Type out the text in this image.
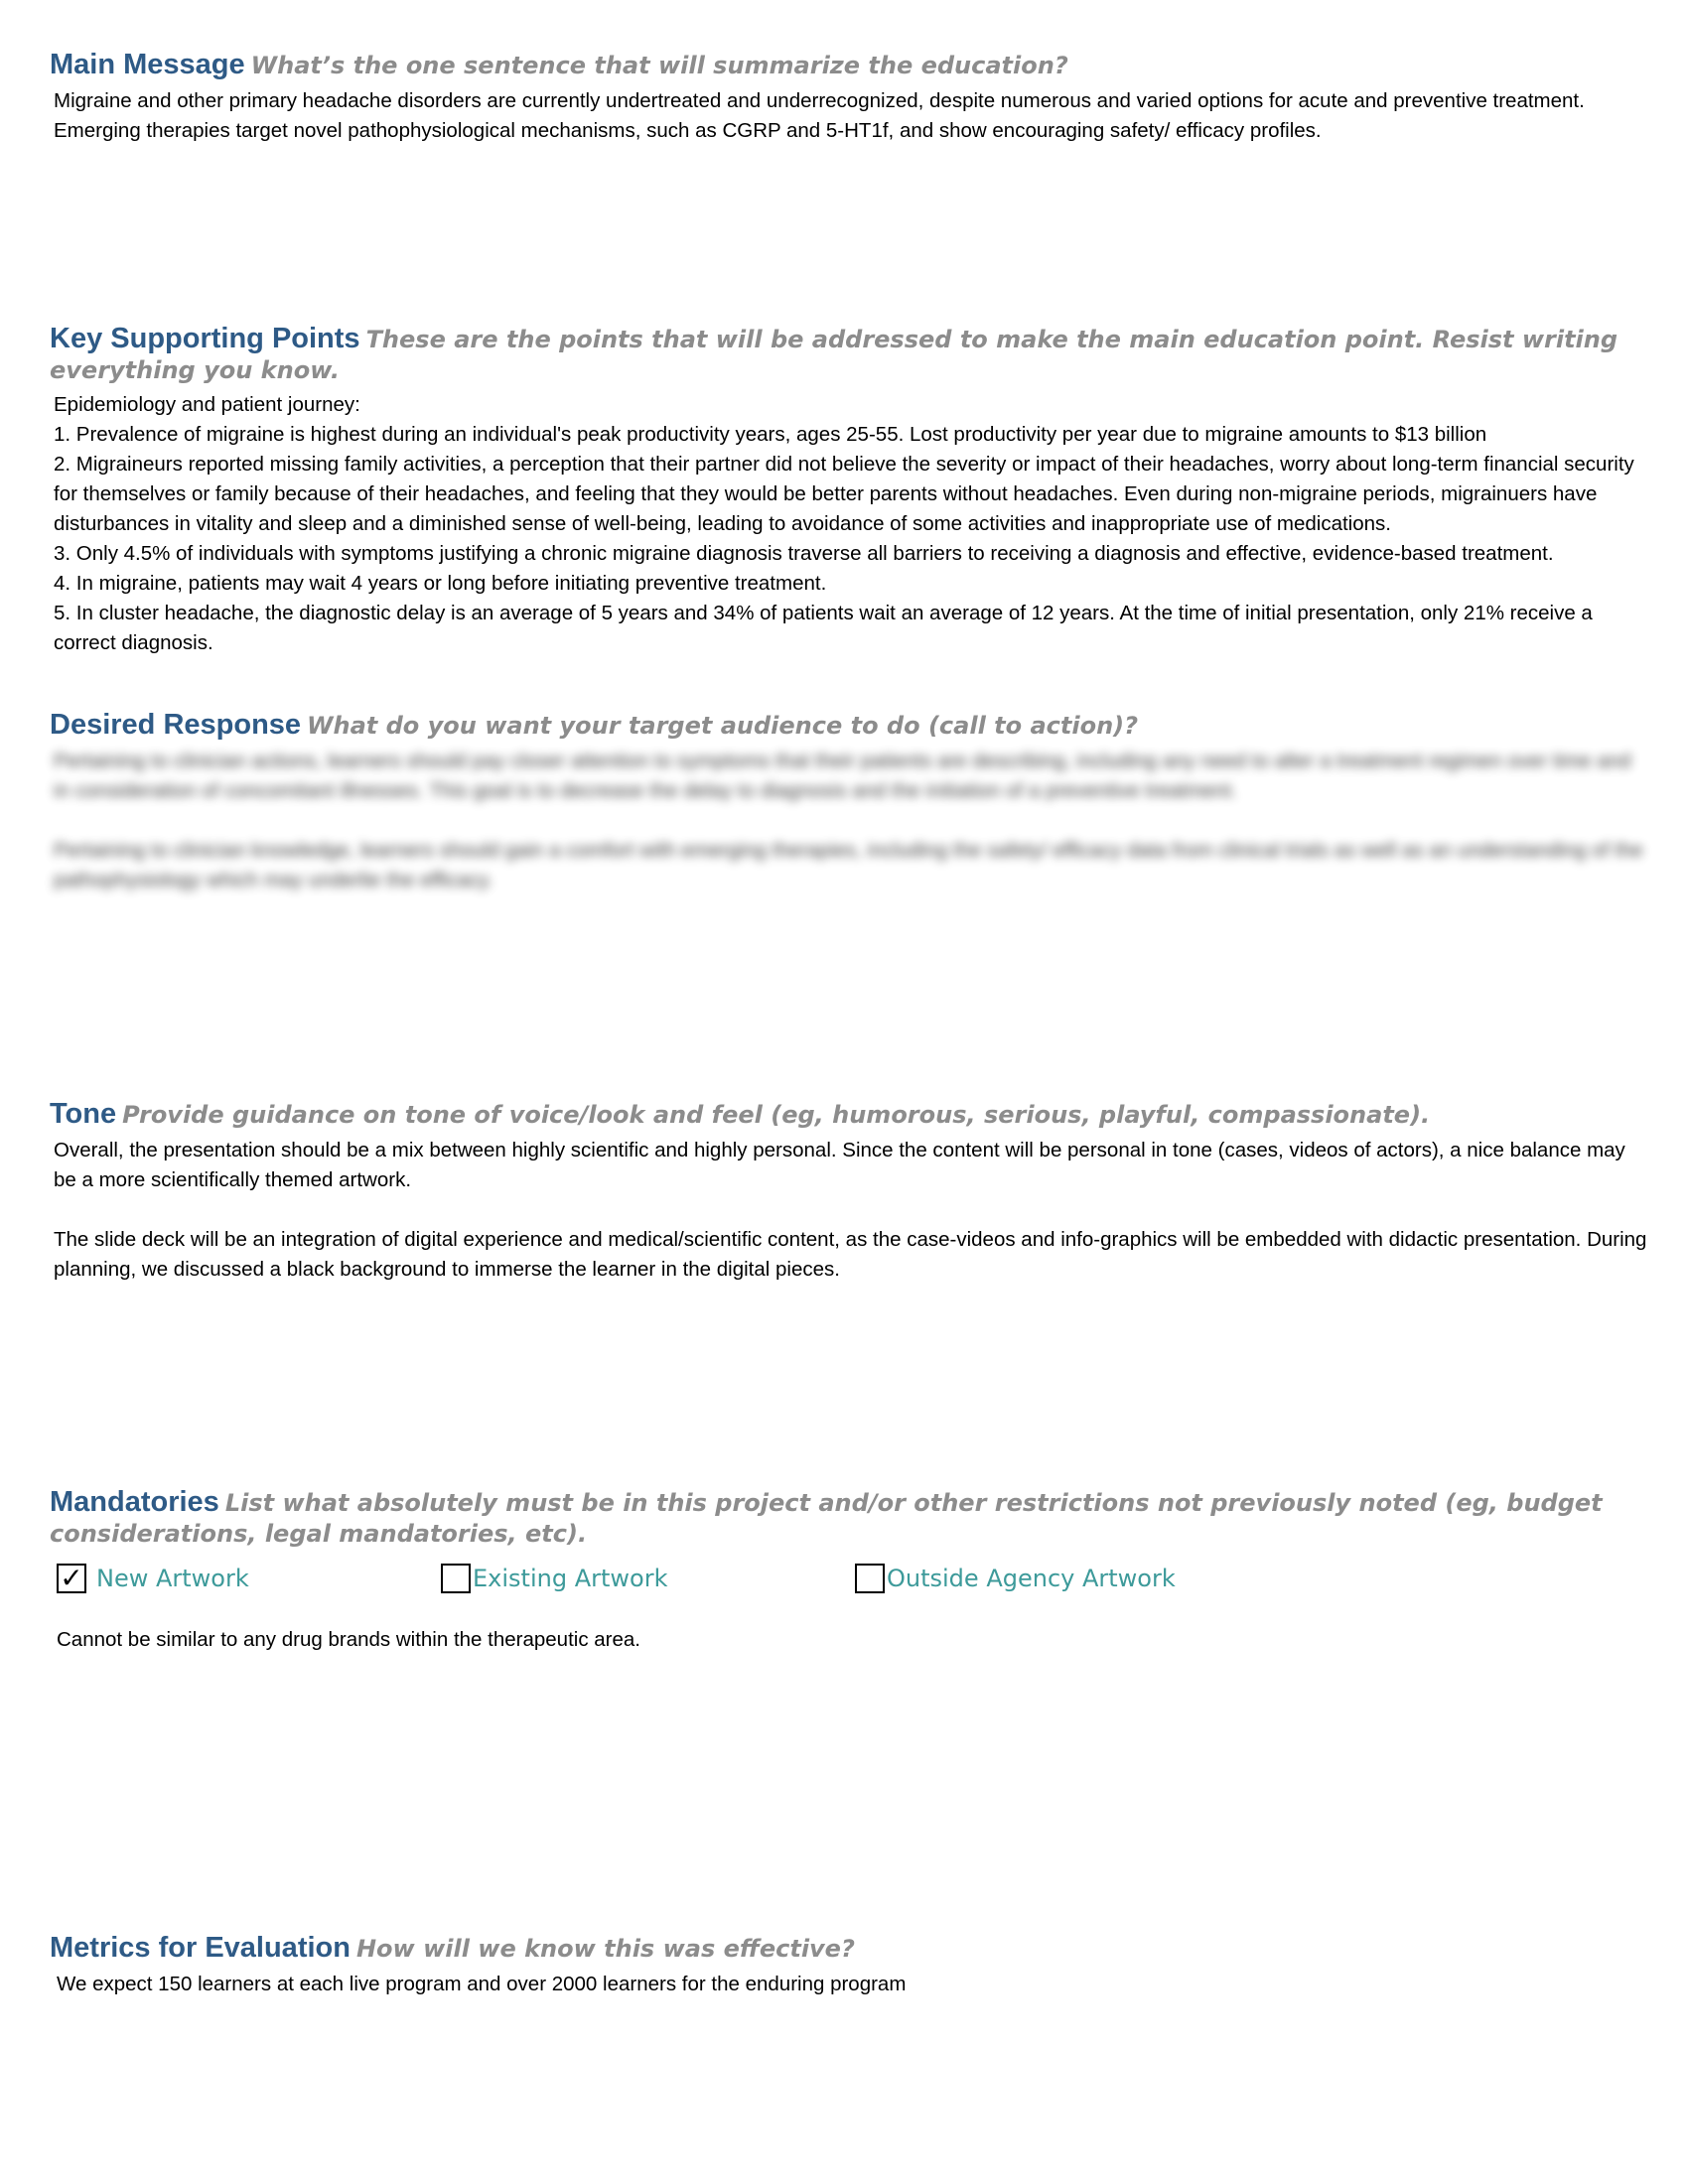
Main Message What’s the one sentence that will summarize the education?

Migraine and other primary headache disorders are currently undertreated and underrecognized, despite numerous and varied options for acute and preventive treatment. Emerging therapies target novel pathophysiological mechanisms, such as CGRP and 5-HT1f, and show encouraging safety/ efficacy profiles.

Key Supporting Points These are the points that will be addressed to make the main education point. Resist writing everything you know.

Epidemiology and patient journey:

1. Prevalence of migraine is highest during an individual's peak productivity years, ages 25-55. Lost productivity per year due to migraine amounts to $13 billion

2. Migraineurs reported missing family activities, a perception that their partner did not believe the severity or impact of their headaches, worry about long-term financial security for themselves or family because of their headaches, and feeling that they would be better parents without headaches. Even during non-migraine periods, migrainuers have disturbances in vitality and sleep and a diminished sense of well-being, leading to avoidance of some activities and inappropriate use of medications.

3. Only 4.5% of individuals with symptoms justifying a chronic migraine diagnosis traverse all barriers to receiving a diagnosis and effective, evidence-based treatment.

4. In migraine, patients may wait 4 years or long before initiating preventive treatment.

5. In cluster headache, the diagnostic delay is an average of 5 years and 34% of patients wait an average of 12 years. At the time of initial presentation, only 21% receive a correct diagnosis.

Desired Response What do you want your target audience to do (call to action)?

Pertaining to clinician actions, learners should pay closer attention to symptoms that their patients are describing, including any need to alter a treatment regimen over time and in consideration of concomitant illnesses. This goal is to decrease the delay to diagnosis and the initiation of a preventive treatment.

Pertaining to clinician knowledge, learners should gain a comfort with emerging therapies, including the safety/ efficacy data from clinical trials as well as an understanding of the pathophysiology which may underlie the efficacy.

Tone Provide guidance on tone of voice/look and feel (eg, humorous, serious, playful, compassionate).

Overall, the presentation should be a mix between highly scientific and highly personal. Since the content will be personal in tone (cases, videos of actors), a nice balance may be a more scientifically themed artwork.

The slide deck will be an integration of digital experience and medical/scientific content, as the case-videos and info-graphics will be embedded with didactic presentation. During planning, we discussed a black background to immerse the learner in the digital pieces.

Mandatories List what absolutely must be in this project and/or other restrictions not previously noted (eg, budget considerations, legal mandatories, etc).
✓ New Artwork	Existing Artwork	Outside Agency Artwork

Cannot be similar to any drug brands within the therapeutic area.

Metrics for Evaluation How will we know this was effective?

We expect 150 learners at each live program and over 2000 learners for the enduring program
